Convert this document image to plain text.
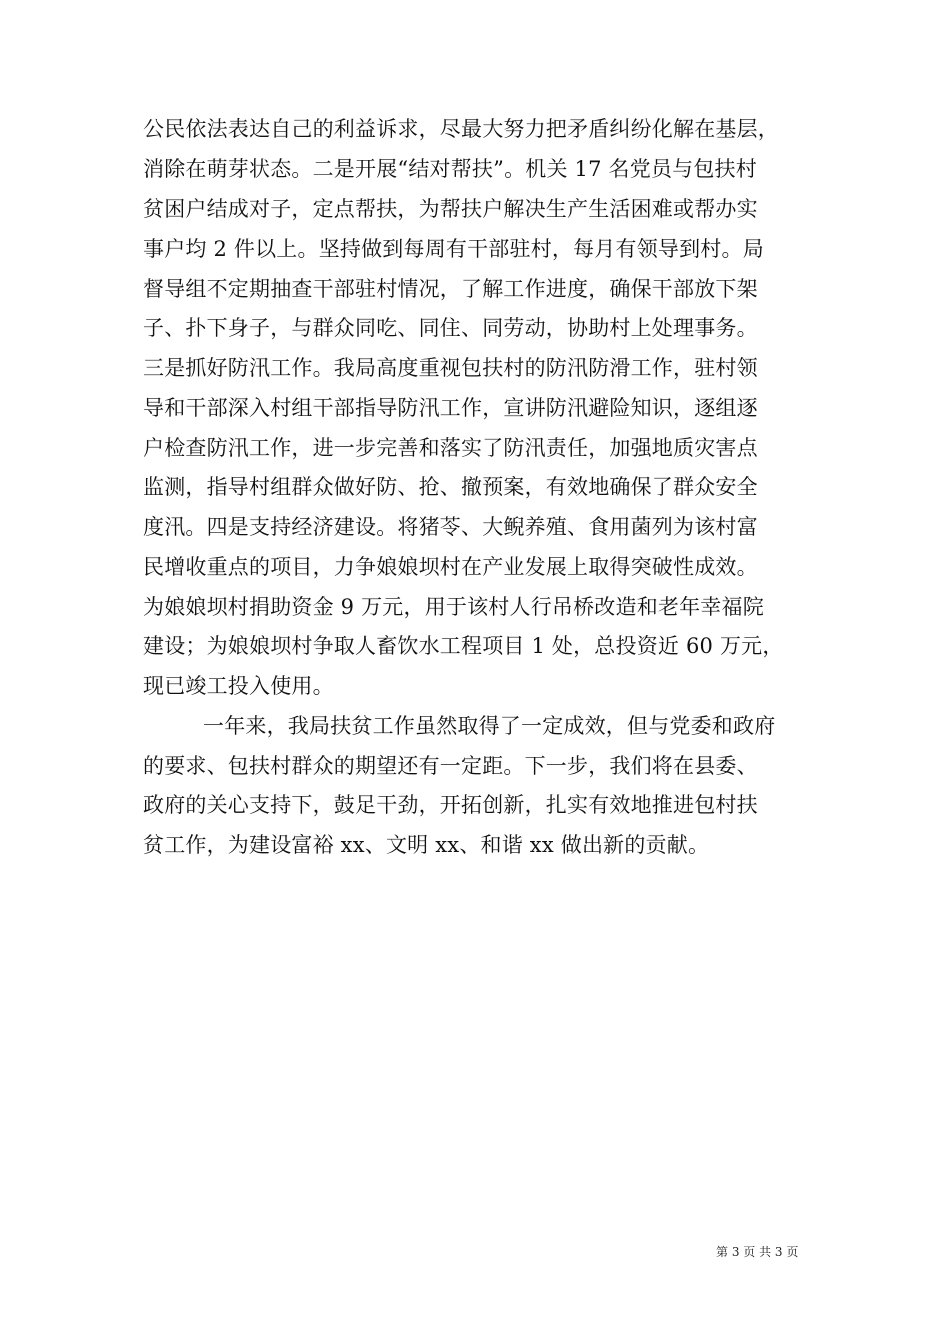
公民依法表达自己的利益诉求，尽最大努力把矛盾纠纷化解在基层，
消除在萌芽状态。二是开展“结对帮扶”。机关 17 名党员与包扶村
贫困户结成对子，定点帮扶，为帮扶户解决生产生活困难或帮办实
事户均 2 件以上。坚持做到每周有干部驻村，每月有领导到村。局
督导组不定期抽查干部驻村情况，了解工作进度，确保干部放下架
子、扑下身子，与群众同吃、同住、同劳动，协助村上处理事务。
三是抓好防汛工作。我局高度重视包扶村的防汛防滑工作，驻村领
导和干部深入村组干部指导防汛工作，宣讲防汛避险知识，逐组逐
户检查防汛工作，进一步完善和落实了防汛责任，加强地质灾害点
监测，指导村组群众做好防、抢、撤预案，有效地确保了群众安全
度汛。四是支持经济建设。将猪苓、大鲵养殖、食用菌列为该村富
民增收重点的项目，力争娘娘坝村在产业发展上取得突破性成效。
为娘娘坝村捐助资金 9 万元，用于该村人行吊桥改造和老年幸福院
建设；为娘娘坝村争取人畜饮水工程项目 1 处，总投资近 60 万元，
现已竣工投入使用。
一年来，我局扶贫工作虽然取得了一定成效，但与党委和政府
的要求、包扶村群众的期望还有一定距。下一步，我们将在县委、
政府的关心支持下，鼓足干劲，开拓创新，扎实有效地推进包村扶
贫工作，为建设富裕 xx、文明 xx、和谐 xx 做出新的贡献。
第 3 页 共 3 页
